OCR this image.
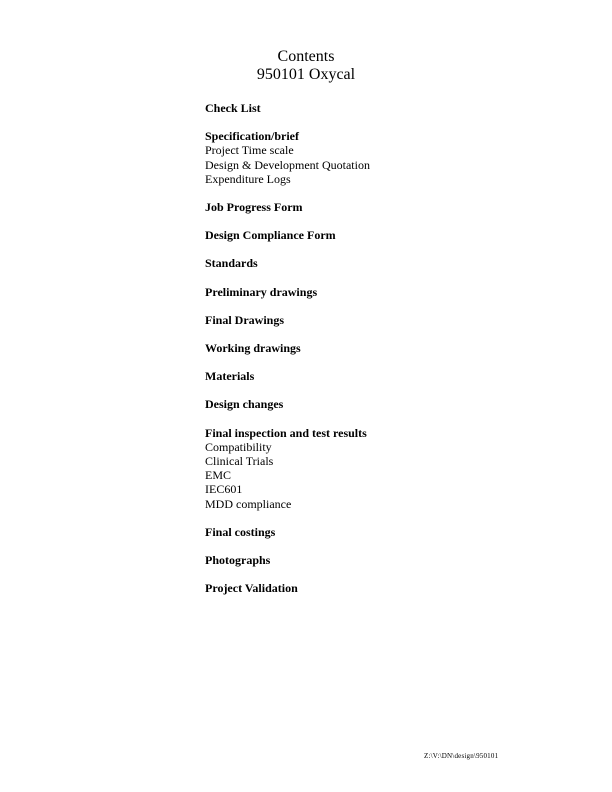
Contents
950101 Oxycal
Check List
Specification/brief
Project Time scale
Design & Development Quotation
Expenditure Logs
Job Progress Form
Design Compliance Form
Standards
Preliminary drawings
Final Drawings
Working drawings
Materials
Design changes
Final inspection and test results
Compatibility
Clinical Trials
EMC
IEC601
MDD compliance
Final costings
Photographs
Project Validation
Z:\V:\DN\design\950101
